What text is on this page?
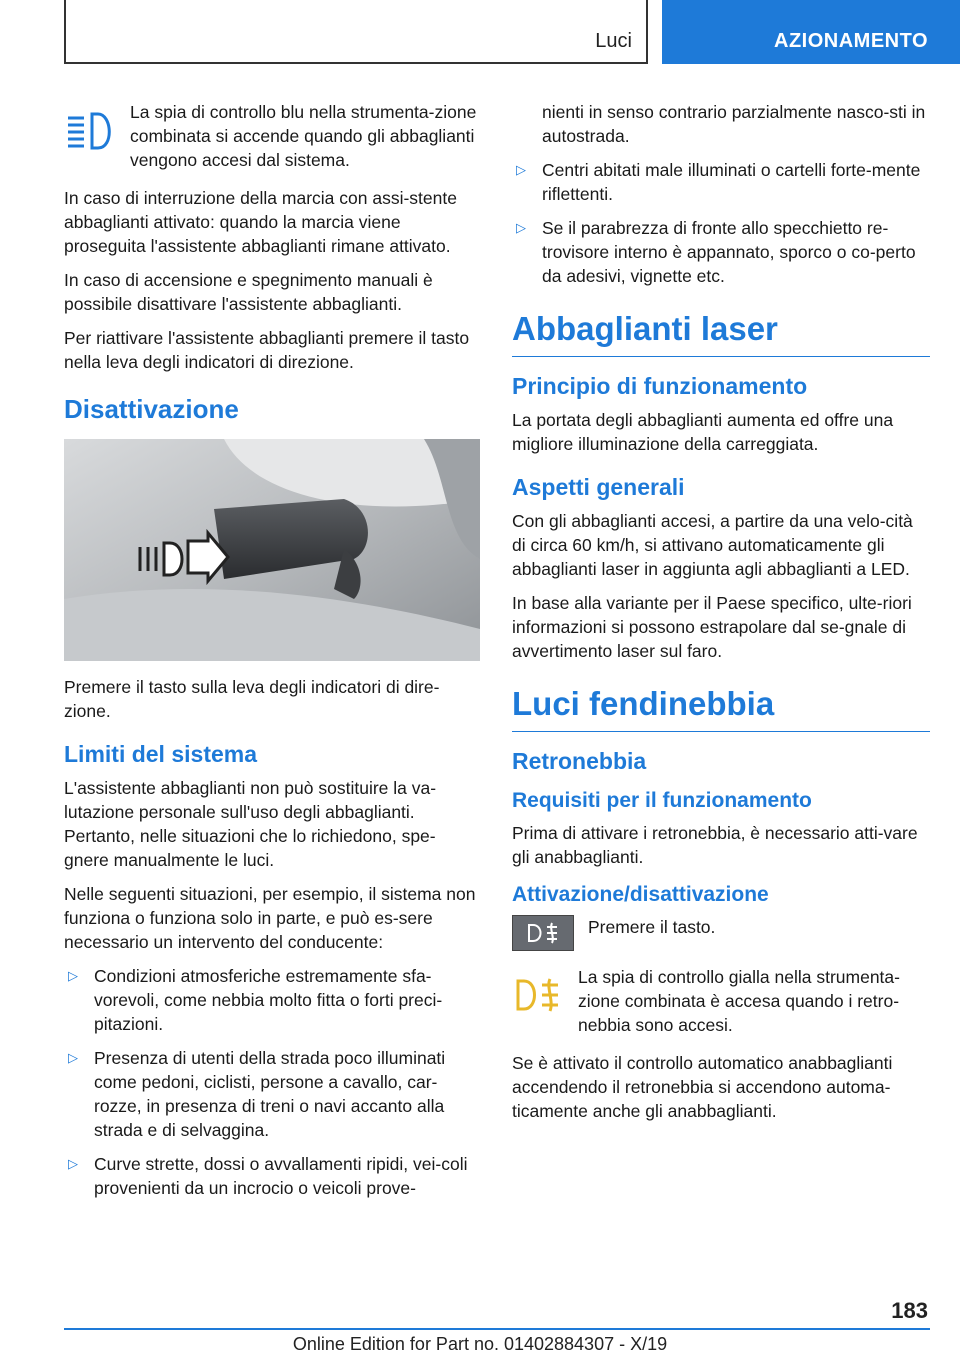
Luci	AZIONAMENTO
La spia di controllo blu nella strumenta-zione combinata si accende quando gli abbaglianti vengono accesi dal sistema.

In caso di interruzione della marcia con assi-stente abbaglianti attivato: quando la marcia viene proseguita l'assistente abbaglianti rimane attivato.

In caso di accensione e spegnimento manuali è possibile disattivare l'assistente abbaglianti.

Per riattivare l'assistente abbaglianti premere il tasto nella leva degli indicatori di direzione.

Disattivazione

Premere il tasto sulla leva degli indicatori di dire-zione.

Limiti del sistema

L'assistente abbaglianti non può sostituire la va-lutazione personale sull'uso degli abbaglianti. Pertanto, nelle situazioni che lo richiedono, spe-gnere manualmente le luci.

Nelle seguenti situazioni, per esempio, il sistema non funziona o funziona solo in parte, e può es-sere necessario un intervento del conducente:

▷ Condizioni atmosferiche estremamente sfa-vorevoli, come nebbia molto fitta o forti preci-pitazioni.
▷ Presenza di utenti della strada poco illuminati come pedoni, ciclisti, persone a cavallo, car-rozze, in presenza di treni o navi accanto alla strada e di selvaggina.
▷ Curve strette, dossi o avvallamenti ripidi, vei-coli provenienti da un incrocio o veicoli prove-

nienti in senso contrario parzialmente nasco-sti in autostrada.

▷ Centri abitati male illuminati o cartelli forte-mente riflettenti.
▷ Se il parabrezza di fronte allo specchietto re-trovisore interno è appannato, sporco o co-perto da adesivi, vignette etc.
Abbaglianti laser
Principio di funzionamento

La portata degli abbaglianti aumenta ed offre una migliore illuminazione della carreggiata.

Aspetti generali

Con gli abbaglianti accesi, a partire da una velo-cità di circa 60 km/h, si attivano automaticamente gli abbaglianti laser in aggiunta agli abbaglianti a LED.

In base alla variante per il Paese specifico, ulte-riori informazioni si possono estrapolare dal se-gnale di avvertimento laser sul faro.

Luci fendinebbia
Retronebbia
Requisiti per il funzionamento

Prima di attivare i retronebbia, è necessario atti-vare gli anabbaglianti.

Attivazione/disattivazione
Premere il tasto.
La spia di controllo gialla nella strumenta-zione combinata è accesa quando i retro-nebbia sono accesi.

Se è attivato il controllo automatico anabbaglianti accendendo il retronebbia si accendono automa-ticamente anche gli anabbaglianti.

183
Online Edition for Part no. 01402884307 - X/19
